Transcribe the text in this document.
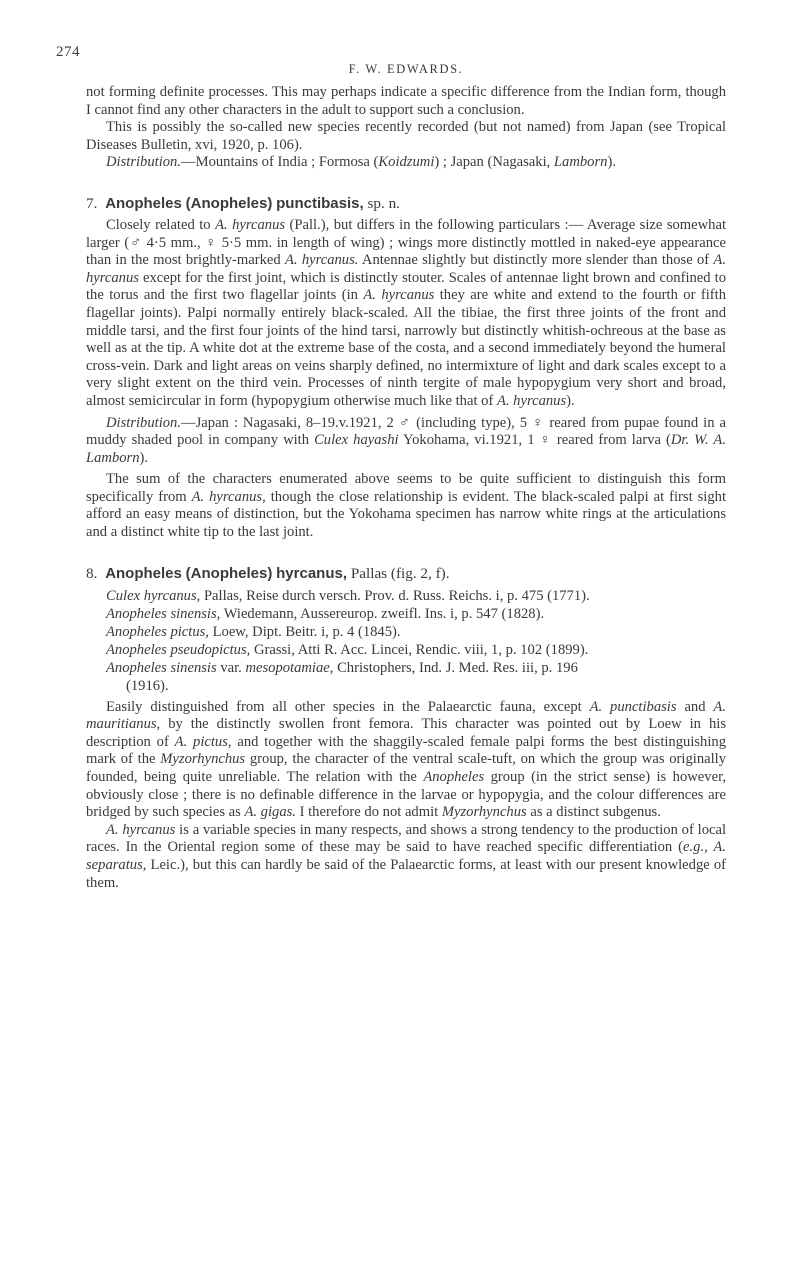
274
F. W. EDWARDS.

not forming definite processes. This may perhaps indicate a specific difference from the Indian form, though I cannot find any other characters in the adult to support such a conclusion.

This is possibly the so-called new species recently recorded (but not named) from Japan (see Tropical Diseases Bulletin, xvi, 1920, p. 106).

Distribution.—Mountains of India ; Formosa (Koidzumi) ; Japan (Nagasaki, Lamborn).

7. Anopheles (Anopheles) punctibasis, sp. n.

Closely related to A. hyrcanus (Pall.), but differs in the following particulars :— Average size somewhat larger (♂ 4·5 mm., ♀ 5·5 mm. in length of wing) ; wings more distinctly mottled in naked-eye appearance than in the most brightly-marked A. hyrcanus. Antennae slightly but distinctly more slender than those of A. hyrcanus except for the first joint, which is distinctly stouter. Scales of antennae light brown and confined to the torus and the first two flagellar joints (in A. hyrcanus they are white and extend to the fourth or fifth flagellar joints). Palpi normally entirely black-scaled. All the tibiae, the first three joints of the front and middle tarsi, and the first four joints of the hind tarsi, narrowly but distinctly whitish-ochreous at the base as well as at the tip. A white dot at the extreme base of the costa, and a second immediately beyond the humeral cross-vein. Dark and light areas on veins sharply defined, no intermixture of light and dark scales except to a very slight extent on the third vein. Processes of ninth tergite of male hypopygium very short and broad, almost semicircular in form (hypopygium otherwise much like that of A. hyrcanus).

Distribution.—Japan : Nagasaki, 8–19.v.1921, 2 ♂ (including type), 5 ♀ reared from pupae found in a muddy shaded pool in company with Culex hayashi Yokohama, vi.1921, 1 ♀ reared from larva (Dr. W. A. Lamborn).

The sum of the characters enumerated above seems to be quite sufficient to distinguish this form specifically from A. hyrcanus, though the close relationship is evident. The black-scaled palpi at first sight afford an easy means of distinction, but the Yokohama specimen has narrow white rings at the articulations and a distinct white tip to the last joint.

8. Anopheles (Anopheles) hyrcanus, Pallas (fig. 2, f).

Culex hyrcanus, Pallas, Reise durch versch. Prov. d. Russ. Reichs. i, p. 475 (1771).

Anopheles sinensis, Wiedemann, Aussereurop. zweifl. Ins. i, p. 547 (1828).

Anopheles pictus, Loew, Dipt. Beitr. i, p. 4 (1845).

Anopheles pseudopictus, Grassi, Atti R. Acc. Lincei, Rendic. viii, 1, p. 102 (1899).

Anopheles sinensis var. mesopotamiae, Christophers, Ind. J. Med. Res. iii, p. 196
(1916).

Easily distinguished from all other species in the Palaearctic fauna, except A. punctibasis and A. mauritianus, by the distinctly swollen front femora. This character was pointed out by Loew in his description of A. pictus, and together with the shaggily-scaled female palpi forms the best distinguishing mark of the Myzorhynchus group, the character of the ventral scale-tuft, on which the group was originally founded, being quite unreliable. The relation with the Anopheles group (in the strict sense) is however, obviously close ; there is no definable difference in the larvae or hypopygia, and the colour differences are bridged by such species as A. gigas. I therefore do not admit Myzorhynchus as a distinct subgenus.

A. hyrcanus is a variable species in many respects, and shows a strong tendency to the production of local races. In the Oriental region some of these may be said to have reached specific differentiation (e.g., A. separatus, Leic.), but this can hardly be said of the Palaearctic forms, at least with our present knowledge of them.
